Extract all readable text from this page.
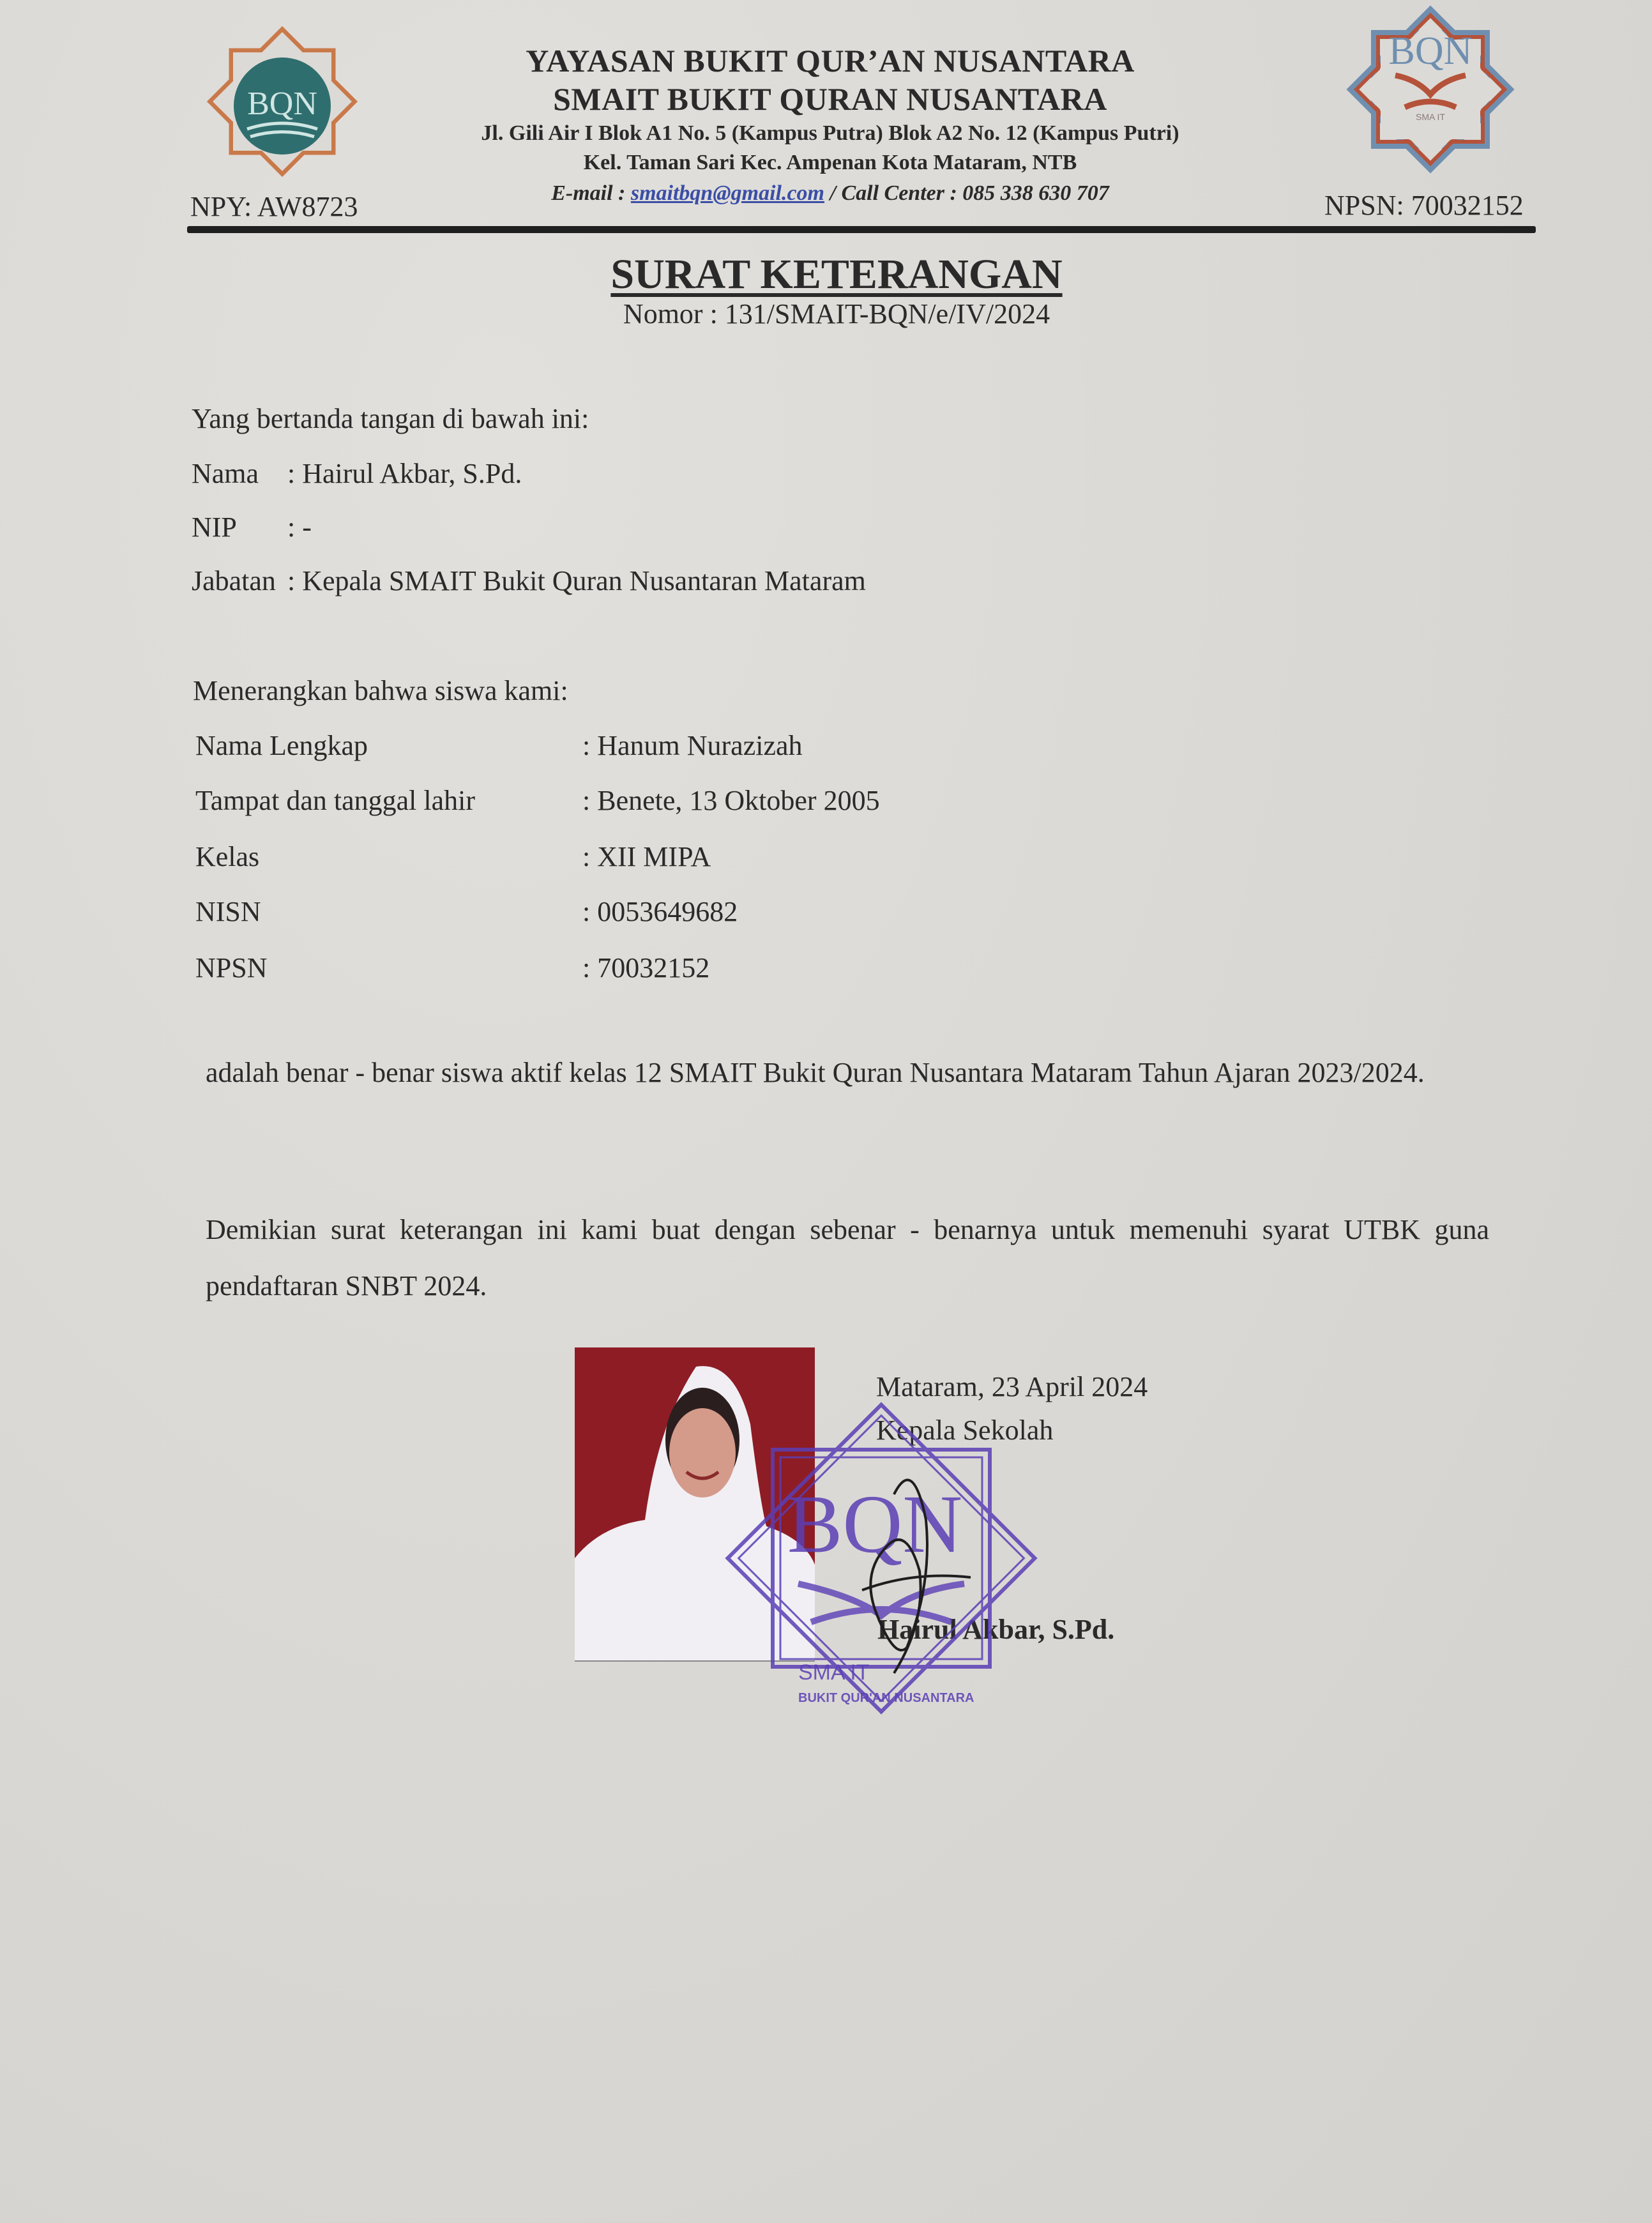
BQN
NPY: AW8723
YAYASAN BUKIT QUR’AN NUSANTARA
SMAIT BUKIT QURAN NUSANTARA
Jl. Gili Air I Blok A1 No. 5 (Kampus Putra) Blok A2 No. 12 (Kampus Putri)
Kel. Taman Sari Kec. Ampenan Kota Mataram, NTB
E-mail : smaitbqn@gmail.com / Call Center : 085 338 630 707
BQN
SMA IT
NPSN: 70032152
SURAT KETERANGAN
Nomor : 131/SMAIT-BQN/e/IV/2024
Yang bertanda tangan di bawah ini:
Nama : Hairul Akbar, S.Pd.
NIP : -
Jabatan : Kepala SMAIT Bukit Quran Nusantaran Mataram
Menerangkan bahwa siswa kami:
Nama Lengkap	: Hanum Nurazizah
Tampat dan tanggal lahir	: Benete, 13 Oktober 2005
Kelas	: XII MIPA
NISN	: 0053649682
NPSN	: 70032152
adalah benar - benar siswa aktif kelas 12 SMAIT Bukit Quran Nusantara Mataram Tahun Ajaran 2023/2024.
Demikian surat keterangan ini kami buat dengan sebenar - benarnya untuk memenuhi syarat UTBK guna pendaftaran SNBT 2024.
Mataram, 23 April 2024
Kepala Sekolah
Hairul Akbar, S.Pd.
BQN
SMA IT
BUKIT QUR'AN NUSANTARA
